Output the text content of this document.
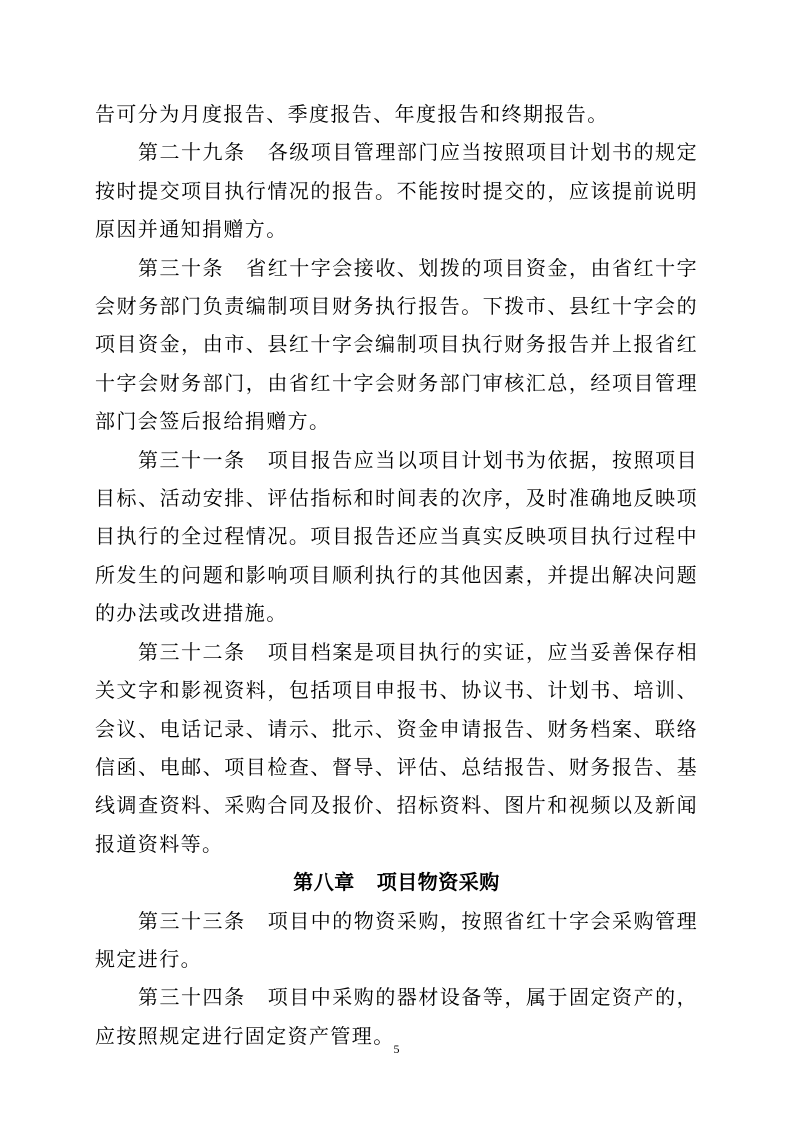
告可分为月度报告、季度报告、年度报告和终期报告。

第二十九条 各级项目管理部门应当按照项目计划书的规定按时提交项目执行情况的报告。不能按时提交的，应该提前说明原因并通知捐赠方。

第三十条 省红十字会接收、划拨的项目资金，由省红十字会财务部门负责编制项目财务执行报告。下拨市、县红十字会的项目资金，由市、县红十字会编制项目执行财务报告并上报省红十字会财务部门，由省红十字会财务部门审核汇总，经项目管理部门会签后报给捐赠方。

第三十一条 项目报告应当以项目计划书为依据，按照项目目标、活动安排、评估指标和时间表的次序，及时准确地反映项目执行的全过程情况。项目报告还应当真实反映项目执行过程中所发生的问题和影响项目顺利执行的其他因素，并提出解决问题的办法或改进措施。

第三十二条 项目档案是项目执行的实证，应当妥善保存相关文字和影视资料，包括项目申报书、协议书、计划书、培训、会议、电话记录、请示、批示、资金申请报告、财务档案、联络信函、电邮、项目检查、督导、评估、总结报告、财务报告、基线调查资料、采购合同及报价、招标资料、图片和视频以及新闻报道资料等。

第八章 项目物资采购

第三十三条 项目中的物资采购，按照省红十字会采购管理规定进行。

第三十四条 项目中采购的器材设备等，属于固定资产的，应按照规定进行固定资产管理。

5
